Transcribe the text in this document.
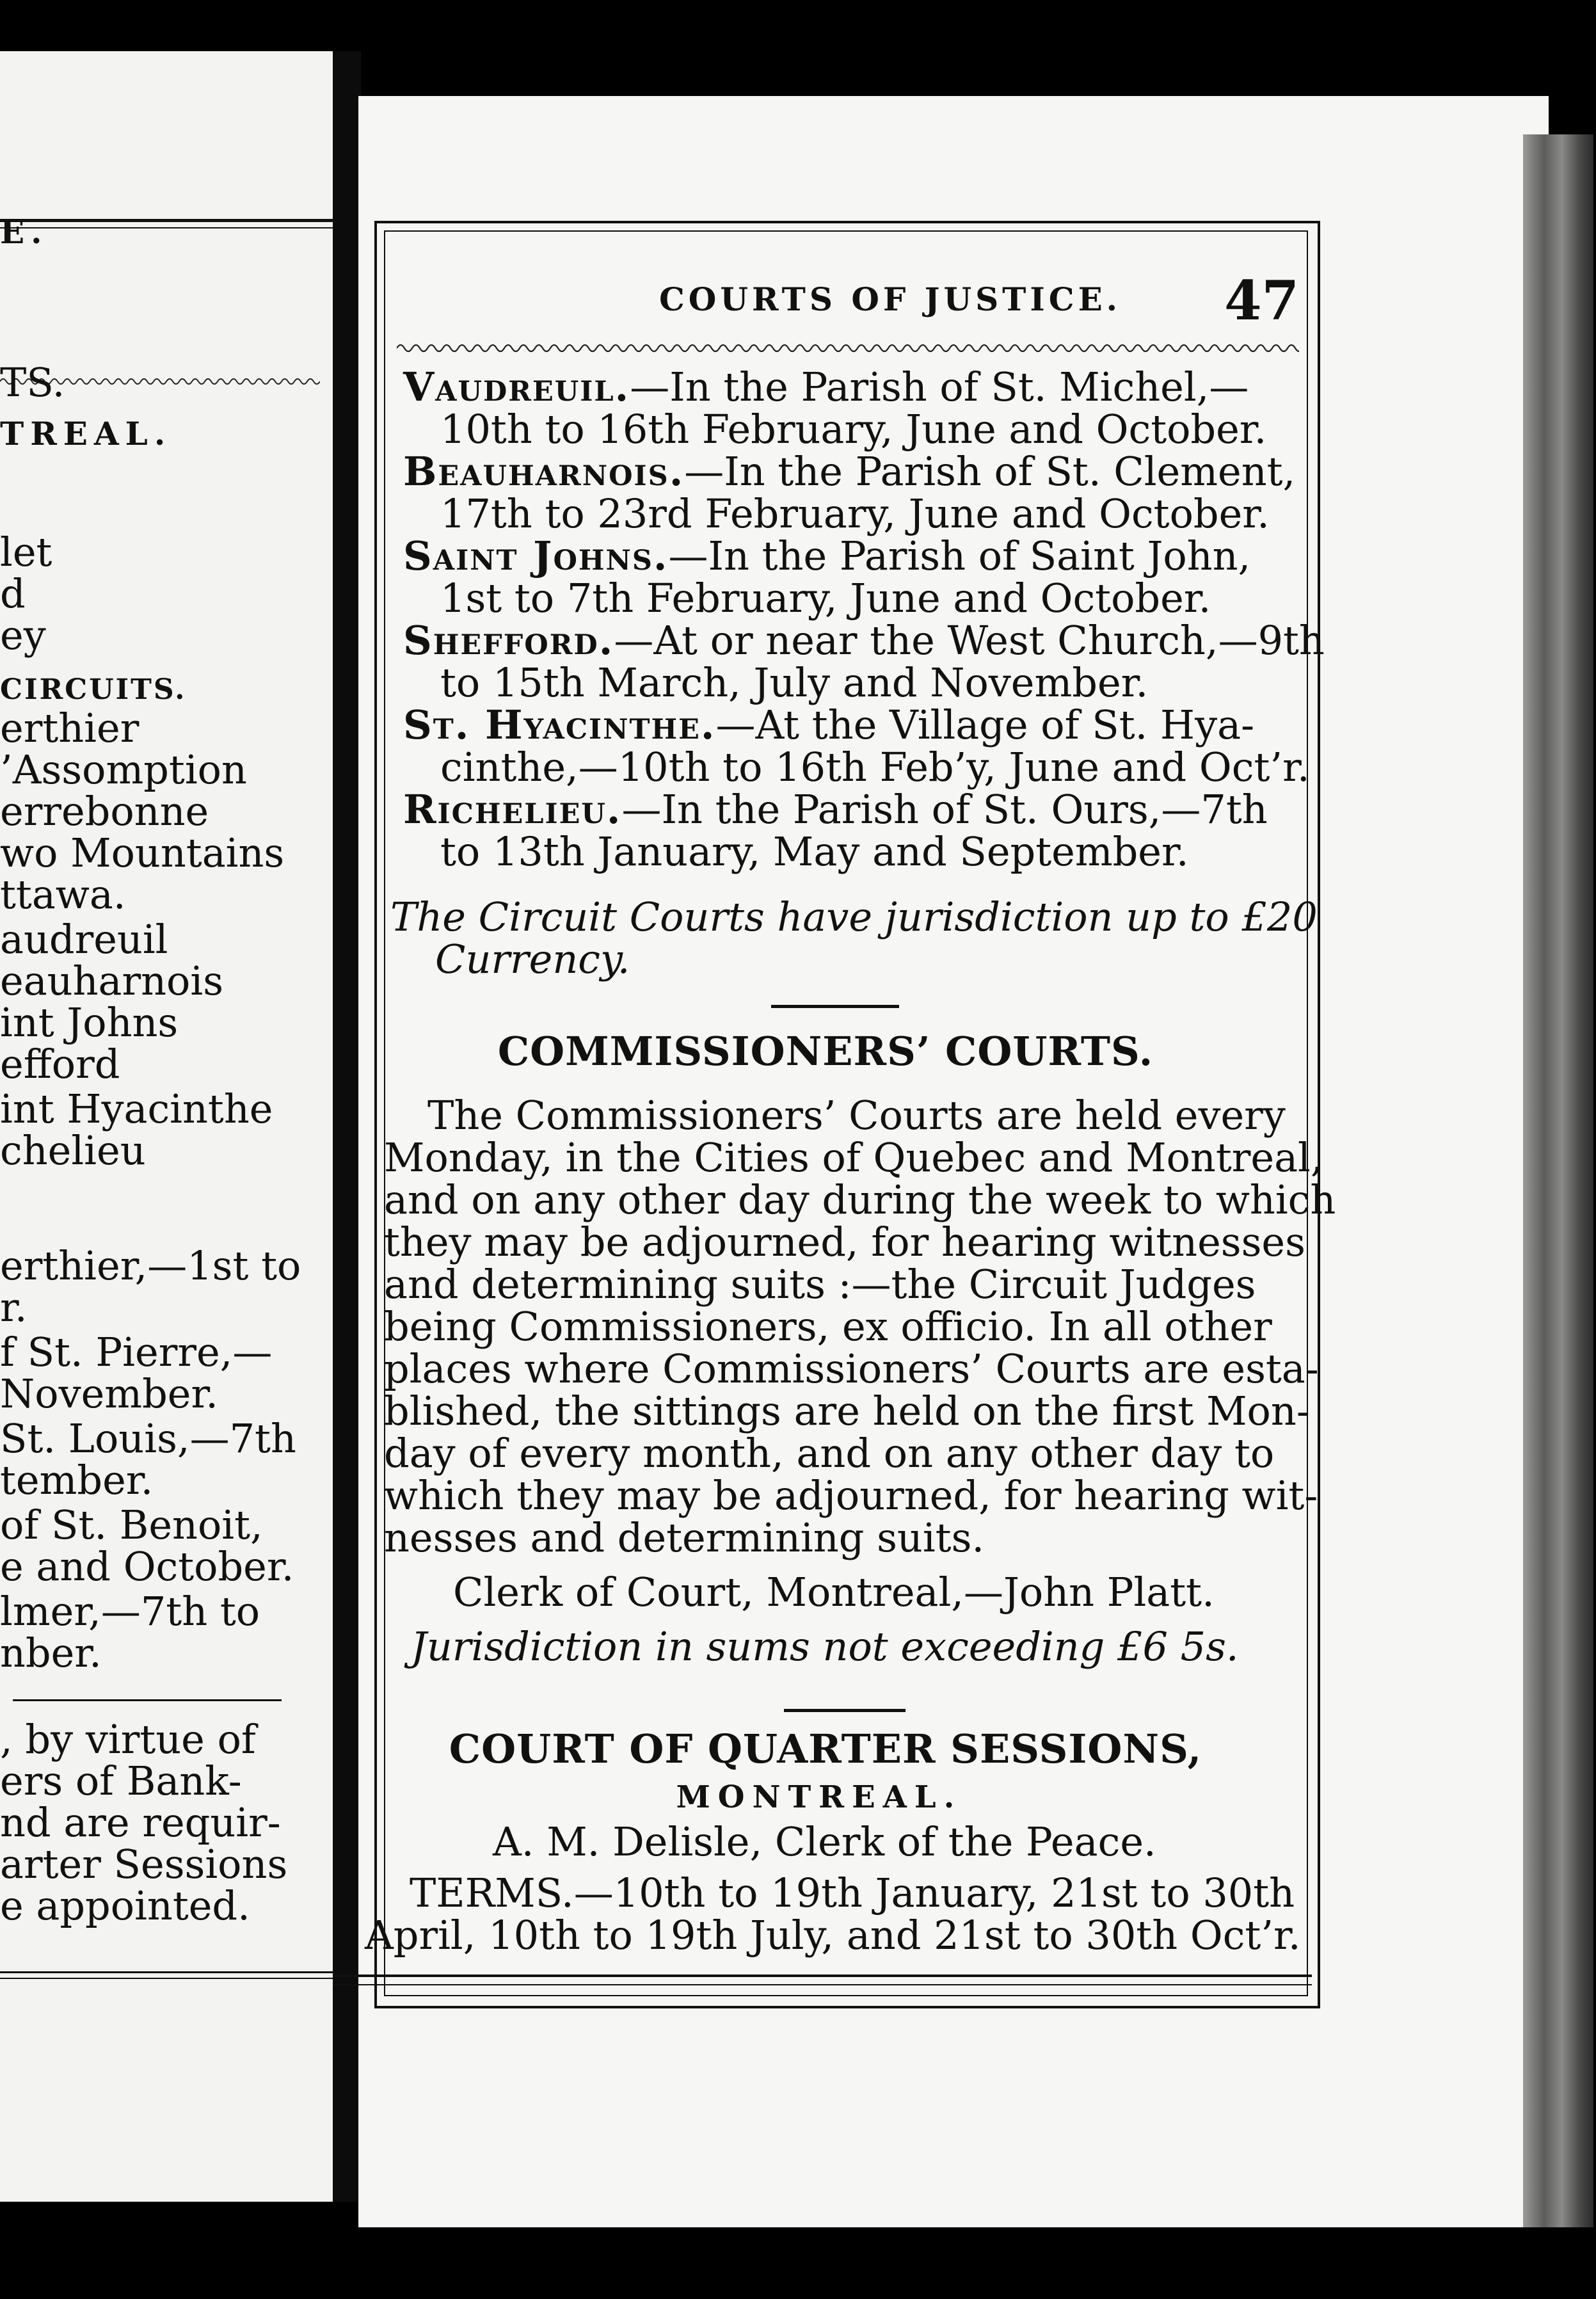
E.
TS.
TREAL.
let
d
ey
CIRCUITS.
erthier
’Assomption
errebonne
wo Mountains
ttawa.
audreuil
eauharnois
int Johns
efford
int Hyacinthe
chelieu
erthier,—1st to
r.
f St. Pierre,—
November.
St. Louis,—7th
tember.
of St. Benoit,
e and October.
lmer,—7th to
nber.
, by virtue of
ers of Bank-
nd are requir-
arter Sessions
e appointed.
COURTS OF JUSTICE. 47
Vaudreuil.—In the Parish of St. Michel,—
10th to 16th February, June and October.
Beauharnois.—In the Parish of St. Clement,
17th to 23rd February, June and October.
Saint Johns.—In the Parish of Saint John,
1st to 7th February, June and October.
Shefford.—At or near the West Church,—9th
to 15th March, July and November.
St. Hyacinthe.—At the Village of St. Hya-
cinthe,—10th to 16th Feb’y, June and Oct’r.
Richelieu.—In the Parish of St. Ours,—7th
to 13th January, May and September.
The Circuit Courts have jurisdiction up to £20
Currency.
COMMISSIONERS’ COURTS.
The Commissioners’ Courts are held every
Monday, in the Cities of Quebec and Montreal,
and on any other day during the week to which
they may be adjourned, for hearing witnesses
and determining suits :—the Circuit Judges
being Commissioners, ex officio. In all other
places where Commissioners’ Courts are esta-
blished, the sittings are held on the first Mon-
day of every month, and on any other day to
which they may be adjourned, for hearing wit-
nesses and determining suits.
Clerk of Court, Montreal,—John Platt.
Jurisdiction in sums not exceeding £6 5s.
COURT OF QUARTER SESSIONS,
MONTREAL.
A. M. Delisle, Clerk of the Peace.
TERMS.—10th to 19th January, 21st to 30th
April, 10th to 19th July, and 21st to 30th Oct’r.
